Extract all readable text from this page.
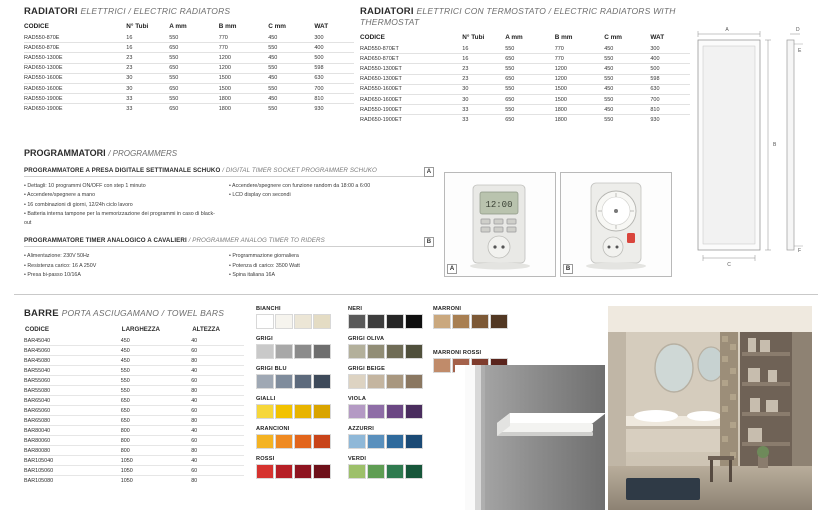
RADIATORI ELETTRICI / ELECTRIC RADIATORS
CODICE	N° Tubi	A mm	B mm	C mm	WAT
RAD550-870E	16	550	770	450	300
RAD650-870E	16	650	770	550	400
RAD550-1300E	23	550	1200	450	500
RAD650-1300E	23	650	1200	550	598
RAD550-1600E	30	550	1500	450	630
RAD650-1600E	30	650	1500	550	700
RAD550-1900E	33	550	1800	450	810
RAD650-1900E	33	650	1800	550	930
RADIATORI ELETTRICI CON TERMOSTATO / ELECTRIC RADIATORS WITH THERMOSTAT
CODICE	N° Tubi	A mm	B mm	C mm	WAT
RAD550-870ET	16	550	770	450	300
RAD650-870ET	16	650	770	550	400
RAD550-1300ET	23	550	1200	450	500
RAD650-1300ET	23	650	1200	550	598
RAD550-1600ET	30	550	1500	450	630
RAD650-1600ET	30	650	1500	550	700
RAD550-1900ET	33	550	1800	450	810
RAD650-1900ET	33	650	1800	550	930
A
B
C
D
E
F
PROGRAMMATORI / PROGRAMMERS
A
PROGRAMMATORE A PRESA DIGITALE SETTIMANALE SCHUKO / DIGITAL TIMER SOCKET PROGRAMMER SCHUKO
• Dettagli: 10 programmi ON/OFF con step 1 minuto
• Accendere/spegnere a mano
• 16 combinazioni di giorni, 12/24h ciclo lavoro
• Batteria interna tampone per la memorizzazione dei programmi in caso di black-out
• Accendere/spegnere con funzione random da 18:00 a 6:00
• LCD display con secondi
B
PROGRAMMATORE TIMER ANALOGICO A CAVALIERI / PROGRAMMER ANALOG TIMER TO RIDERS
• Alimentazione: 230V 50Hz
• Resistenza carico: 16 A 250V
• Presa bi-passo 10/16A
• Programmazione giornaliera
• Potenza di carico: 3500 Watt
• Spina italiana 16A
12:00
A	B
BARRE PORTA ASCIUGAMANO / TOWEL BARS
CODICE	LARGHEZZA	ALTEZZA
BAR45040	450	40
BAR45060	450	60
BAR45080	450	80
BAR55040	550	40
BAR55060	550	60
BAR55080	550	80
BAR65040	650	40
BAR65060	650	60
BAR65080	650	80
BAR80040	800	40
BAR80060	800	60
BAR80080	800	80
BAR105040	1050	40
BAR105060	1050	60
BAR105080	1050	80
BIANCHI
GRIGI
GRIGI BLU
GIALLI
ARANCIONI
ROSSI
NERI
GRIGI OLIVA
GRIGI BEIGE
VIOLA
AZZURRI
VERDI
MARRONI
MARRONI ROSSI
